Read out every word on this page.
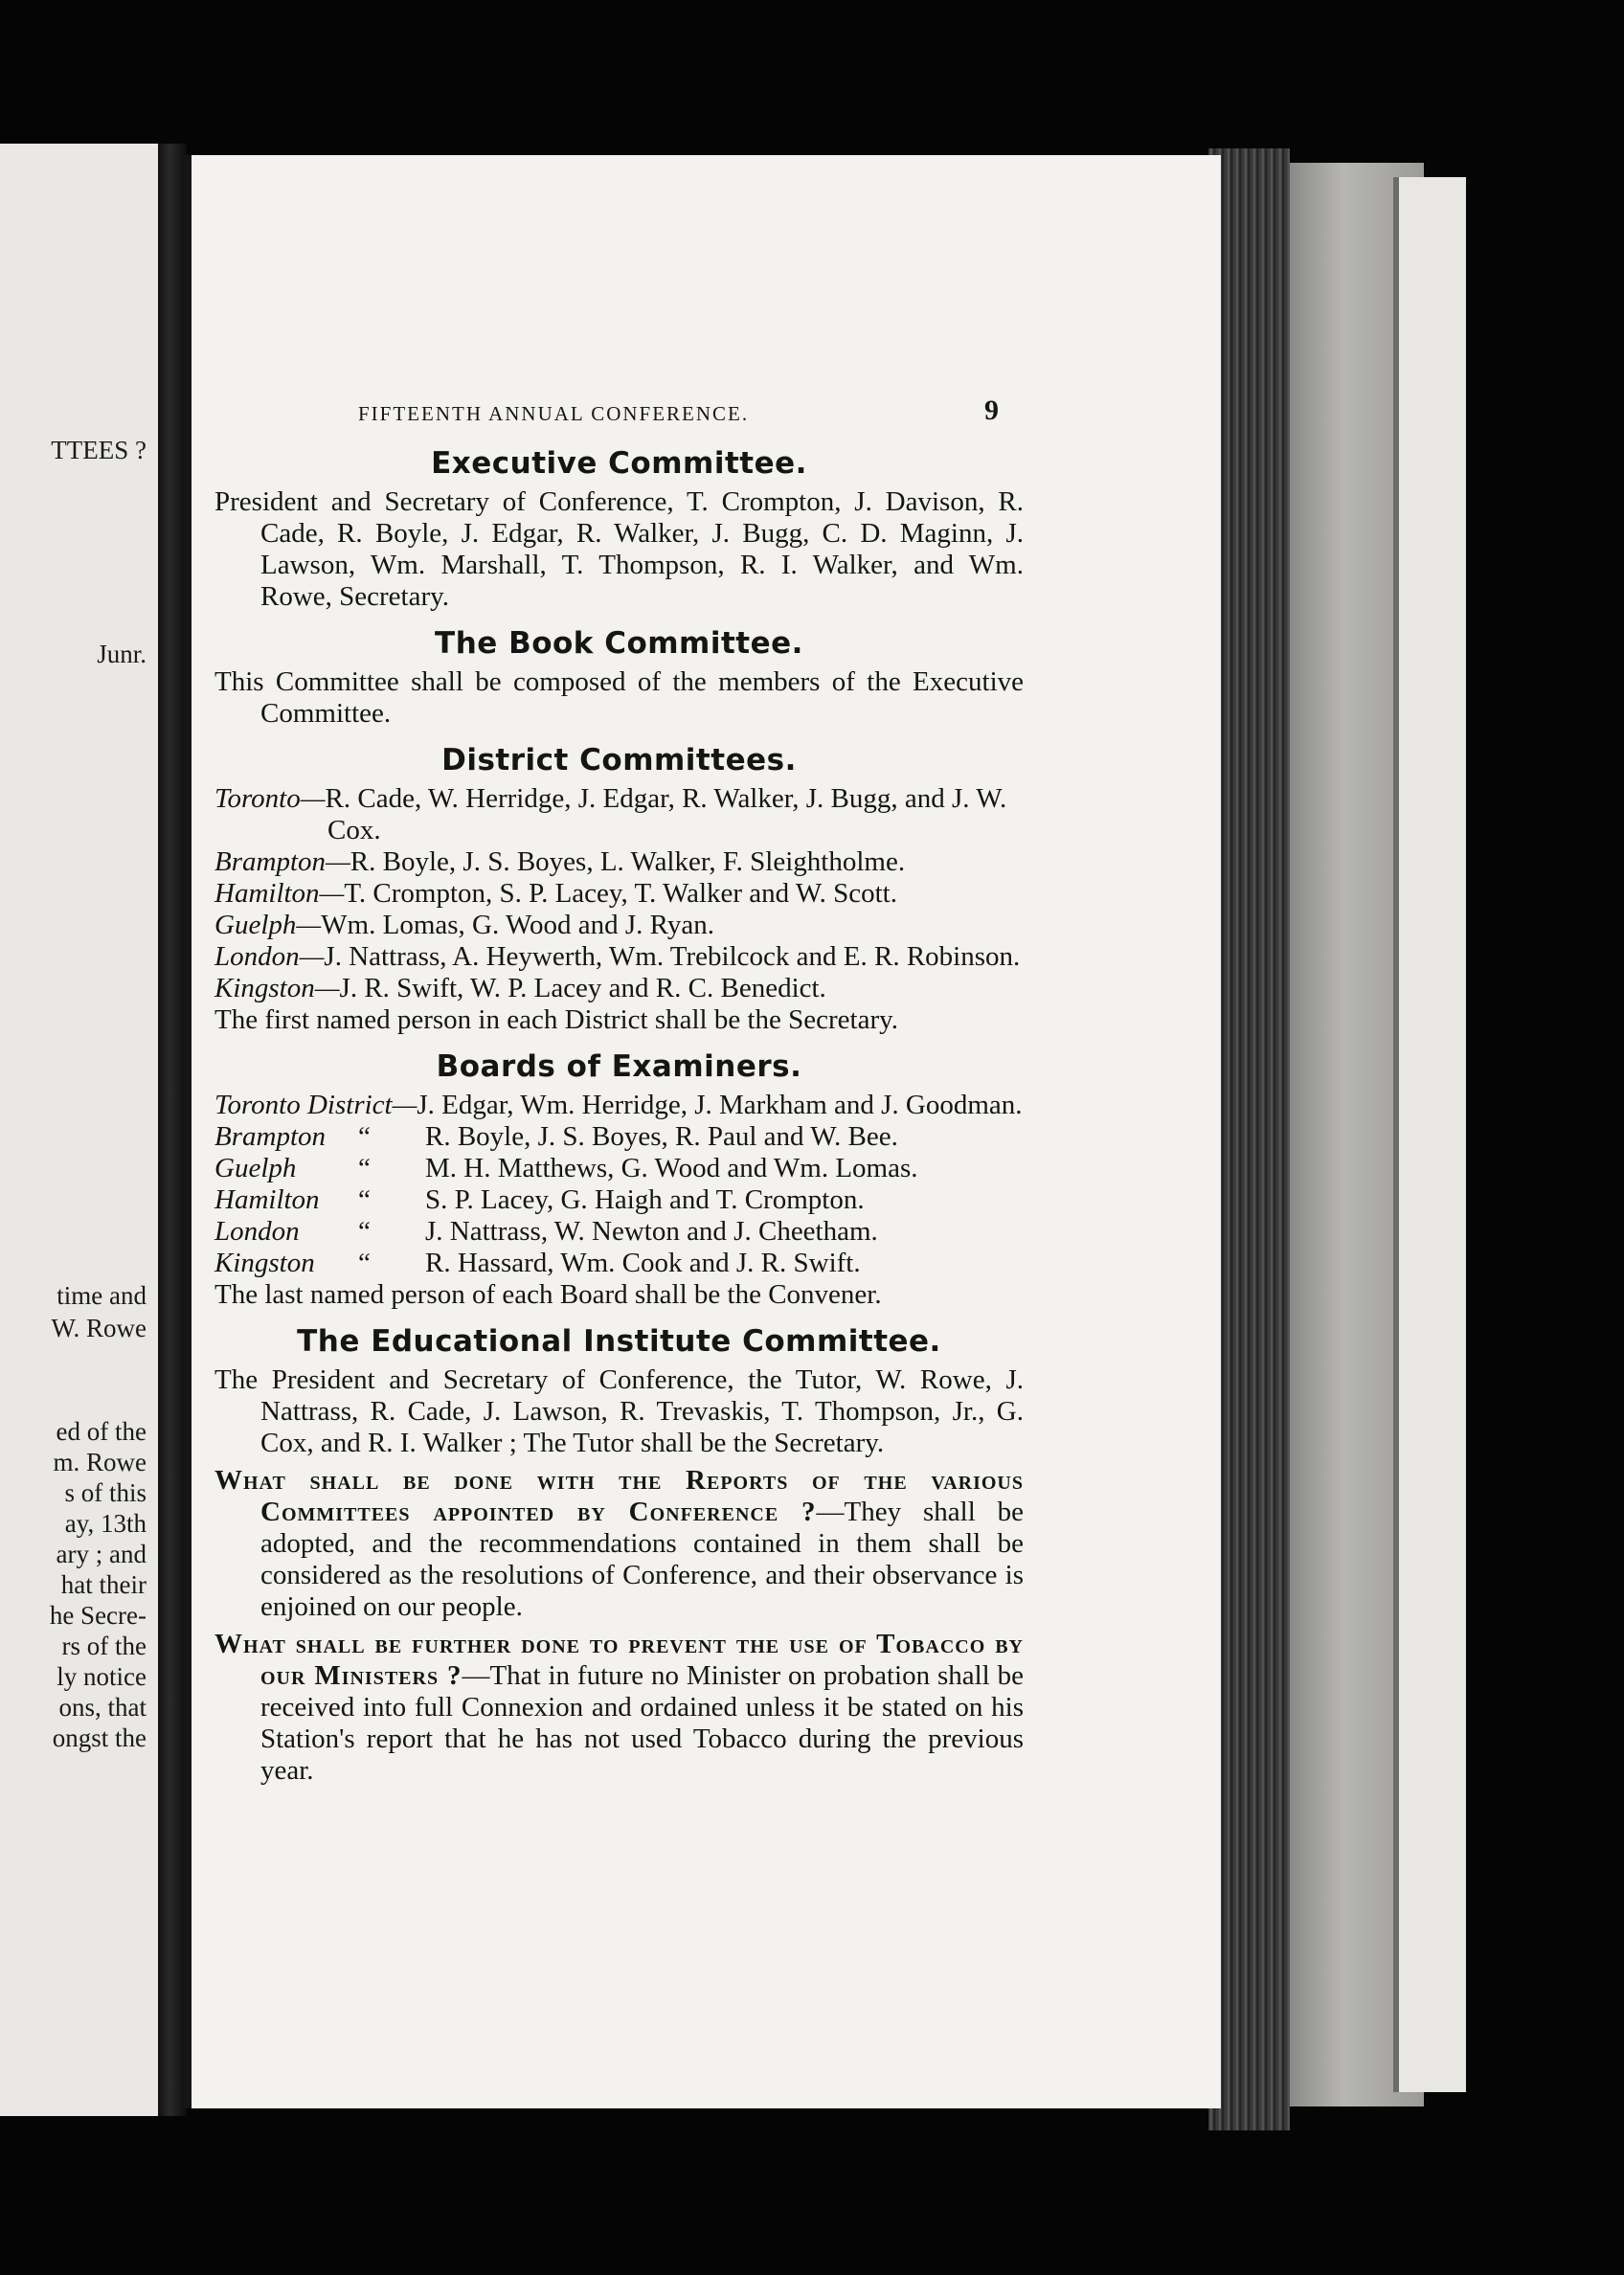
TTEES ?
Junr.
time and
W. Rowe
ed of the
m. Rowe
s of this
ay, 13th
ary ; and
hat their
he Secre-
rs of the
ly notice
ons, that
ongst the
FIFTEENTH ANNUAL CONFERENCE.	9
Executive Committee.

President and Secretary of Conference, T. Crompton, J. Davison, R. Cade, R. Boyle, J. Edgar, R. Walker, J. Bugg, C. D. Maginn, J. Lawson, Wm. Marshall, T. Thompson, R. I. Walker, and Wm. Rowe, Secretary.

The Book Committee.

This Committee shall be composed of the members of the Executive Committee.

District Committees.

Toronto—R. Cade, W. Herridge, J. Edgar, R. Walker, J. Bugg, and J. W. Cox.

Brampton—R. Boyle, J. S. Boyes, L. Walker, F. Sleightholme.

Hamilton—T. Crompton, S. P. Lacey, T. Walker and W. Scott.

Guelph—Wm. Lomas, G. Wood and J. Ryan.

London—J. Nattrass, A. Heywerth, Wm. Trebilcock and E. R. Robinson.

Kingston—J. R. Swift, W. P. Lacey and R. C. Benedict.

The first named person in each District shall be the Secretary.

Boards of Examiners.
Toronto District—J. Edgar, Wm. Herridge, J. Markham and J. Goodman.
Brampton	“	R. Boyle, J. S. Boyes, R. Paul and W. Bee.
Guelph	“	M. H. Matthews, G. Wood and Wm. Lomas.
Hamilton	“	S. P. Lacey, G. Haigh and T. Crompton.
London	“	J. Nattrass, W. Newton and J. Cheetham.
Kingston	“	R. Hassard, Wm. Cook and J. R. Swift.

The last named person of each Board shall be the Convener.

The Educational Institute Committee.

The President and Secretary of Conference, the Tutor, W. Rowe, J. Nattrass, R. Cade, J. Lawson, R. Trevaskis, T. Thompson, Jr., G. Cox, and R. I. Walker ; The Tutor shall be the Secretary.

What shall be done with the Reports of the various Committees appointed by Conference ?—They shall be adopted, and the recommendations contained in them shall be considered as the resolutions of Conference, and their observance is enjoined on our people.

What shall be further done to prevent the use of Tobacco by our Ministers ?—That in future no Minister on probation shall be received into full Connexion and ordained unless it be stated on his Station's report that he has not used Tobacco during the previous year.
